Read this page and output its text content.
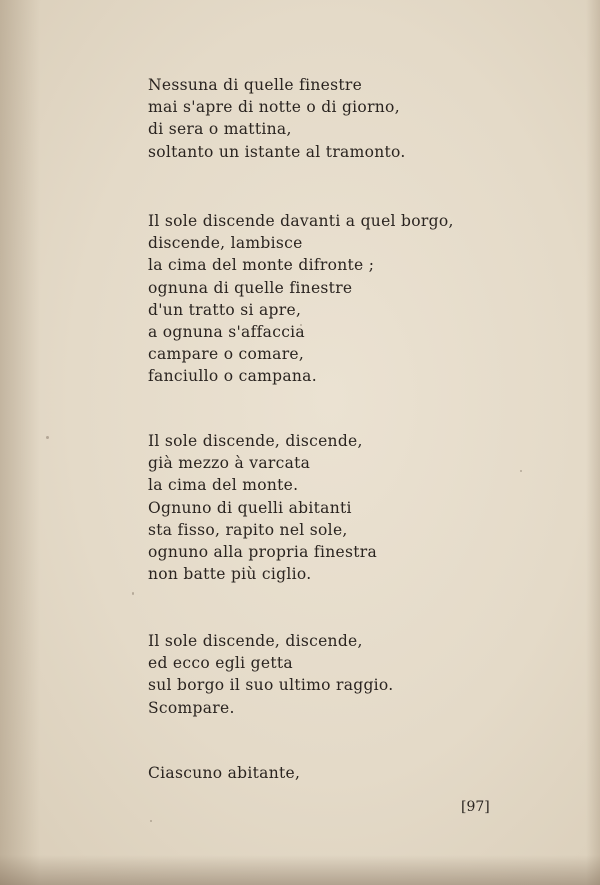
Nessuna di quelle finestre
mai s'apre di notte o di giorno,
di sera o mattina,
soltanto un istante al tramonto.
Il sole discende davanti a quel borgo,
discende, lambisce
la cima del monte difronte ;
ognuna di quelle finestre
d'un tratto si apre,
a ognuna s'affaccia
campare o comare,
fanciullo o campana.
Il sole discende, discende,
già mezzo à varcata
la cima del monte.
Ognuno di quelli abitanti
sta fisso, rapito nel sole,
ognuno alla propria finestra
non batte più ciglio.
Il sole discende, discende,
ed ecco egli getta
sul borgo il suo ultimo raggio.
Scompare.
Ciascuno abitante,
[97]
